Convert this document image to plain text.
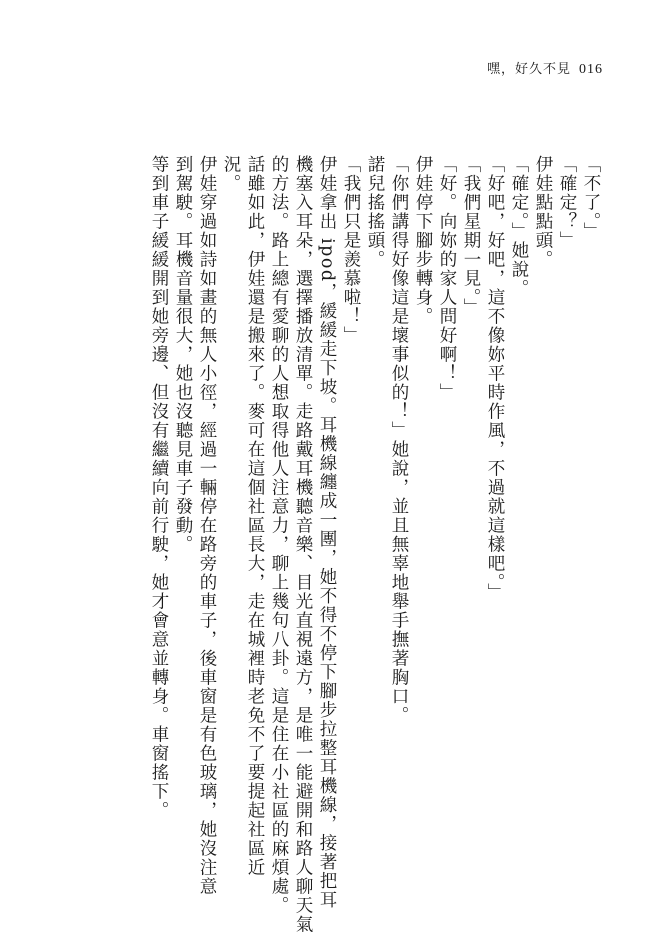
嘿，好久不見 016

「不了。」

「確定？」

伊娃點點頭。

「確定。」她說。

「好吧，好吧，這不像妳平時作風，不過就這樣吧。」

「我們星期一見。」

「好。向妳的家人問好啊！」

伊娃停下腳步轉身。

「你們講得好像這是壞事似的！」她說，並且無辜地舉手撫著胸口。

諾兒搖搖頭。

「我們只是羨慕啦！」

伊娃拿出 ipod，緩緩走下坡。耳機線纏成一團，她不得不停下腳步拉整耳機線，接著把耳

機塞入耳朵，選擇播放清單。走路戴耳機聽音樂、目光直視遠方，是唯一能避開和路人聊天氣

的方法。路上總有愛聊的人想取得他人注意力，聊上幾句八卦。這是住在小社區的麻煩處。

話雖如此，伊娃還是搬來了。麥可在這個社區長大，走在城裡時老免不了要提起社區近

況。

伊娃穿過如詩如畫的無人小徑，經過一輛停在路旁的車子，後車窗是有色玻璃，她沒注意

到駕駛。耳機音量很大，她也沒聽見車子發動。

等到車子緩緩開到她旁邊、但沒有繼續向前行駛，她才會意並轉身。車窗搖下。
